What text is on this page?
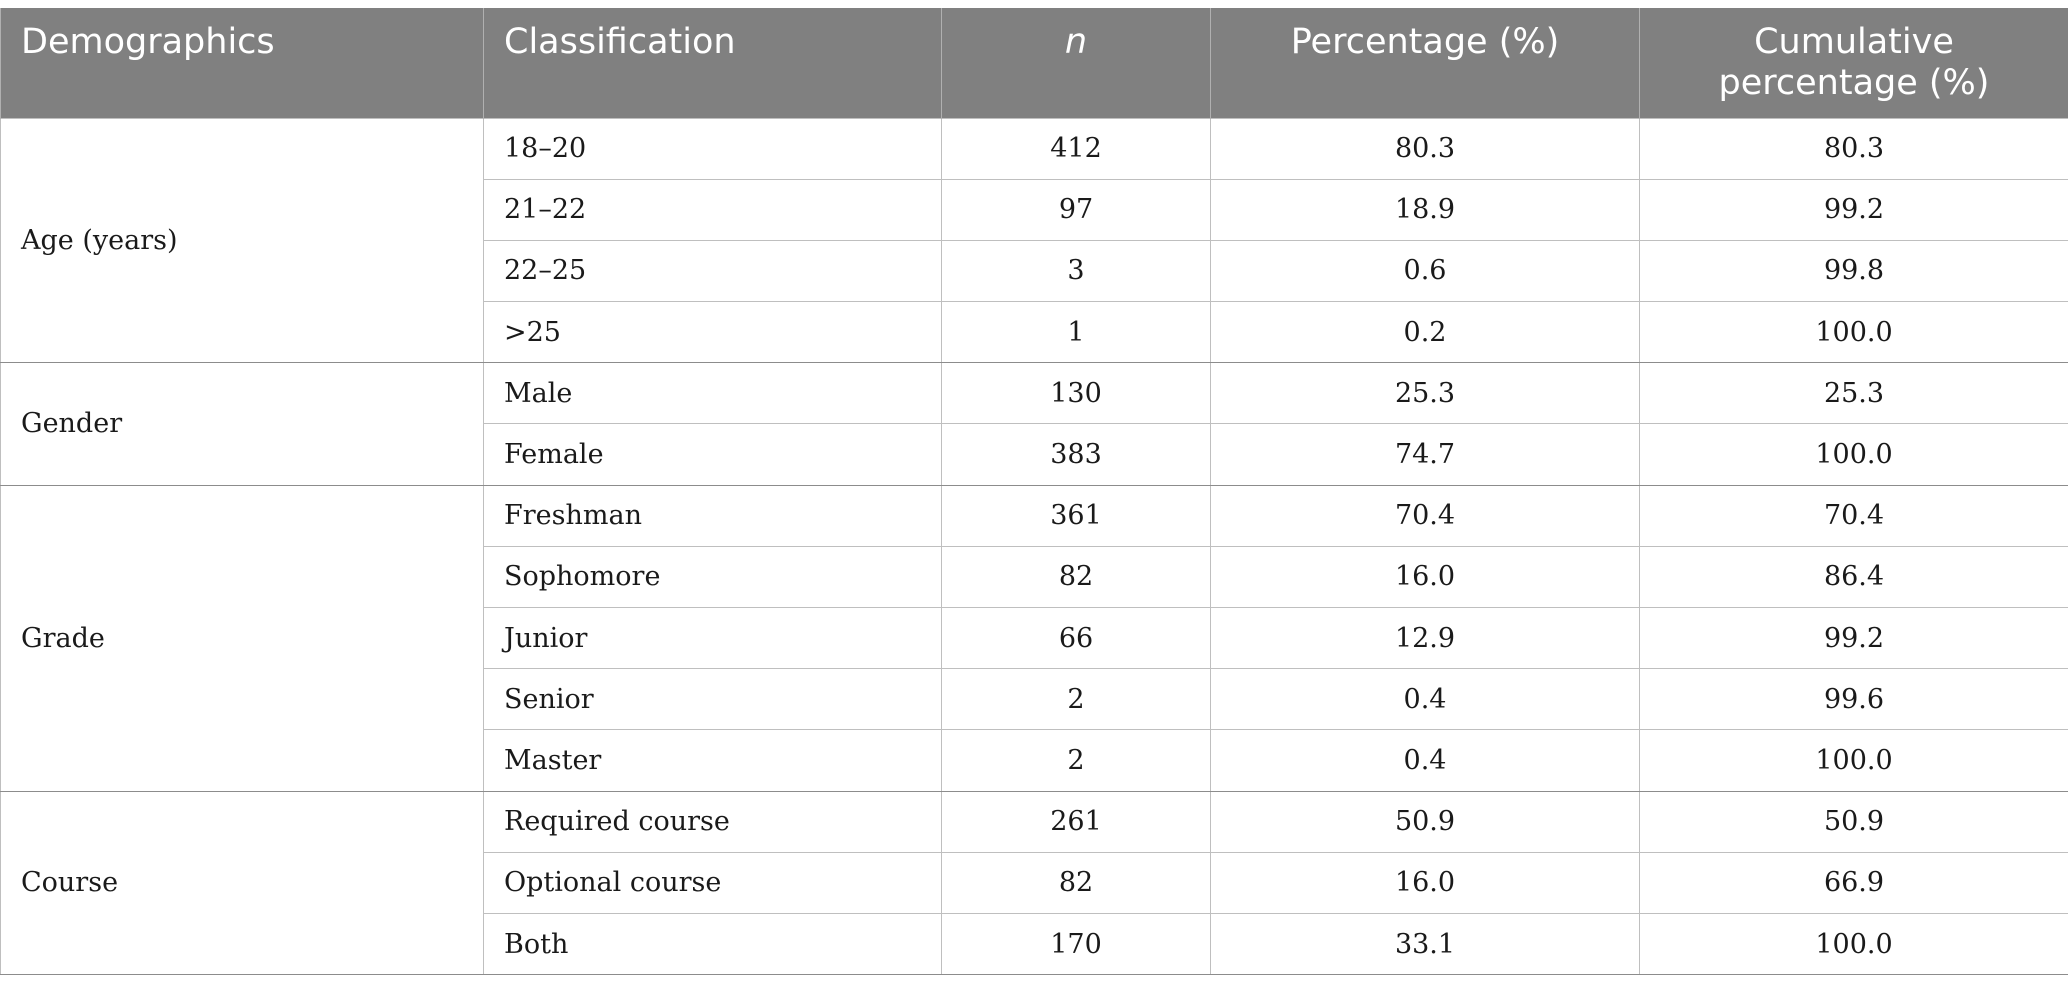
Demographics	Classification	n	Percentage (%)	Cumulative
percentage (%)
Age (years)	18–20	412	80.3	80.3
	21–22	97	18.9	99.2
	22–25	3	0.6	99.8
	>25	1	0.2	100.0
Gender	Male	130	25.3	25.3
	Female	383	74.7	100.0
Grade	Freshman	361	70.4	70.4
	Sophomore	82	16.0	86.4
	Junior	66	12.9	99.2
	Senior	2	0.4	99.6
	Master	2	0.4	100.0
Course	Required course	261	50.9	50.9
	Optional course	82	16.0	66.9
	Both	170	33.1	100.0
